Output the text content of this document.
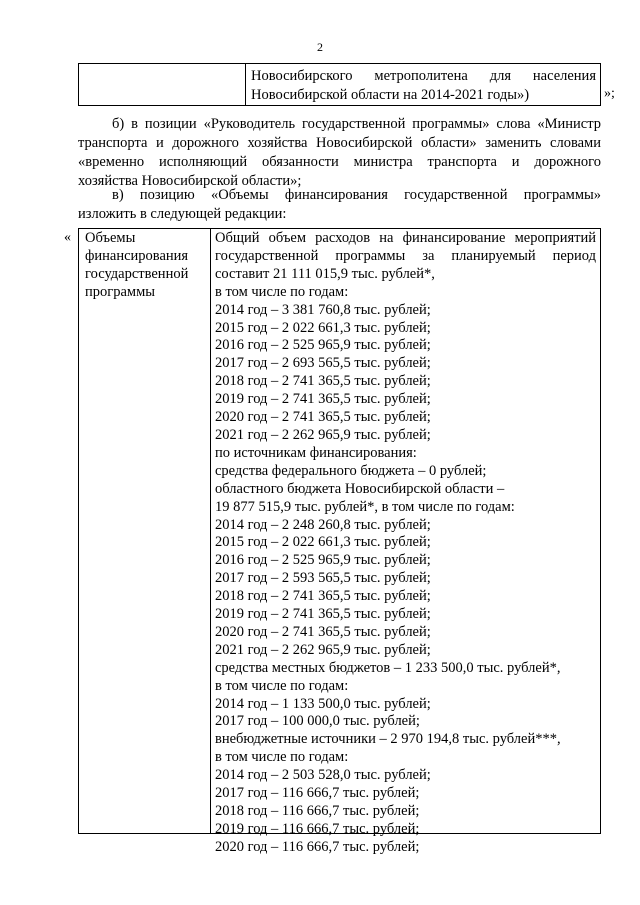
2
Новосибирского метрополитена для населения
Новосибирской области на 2014-2021 годы»)	»;
б) в позиции «Руководитель государственной программы» слова «Министр
транспорта и дорожного хозяйства Новосибирской области» заменить словами
«временно исполняющий обязанности министра транспорта и дорожного
хозяйства Новосибирской области»;
в) позицию «Объемы финансирования государственной программы»
изложить в следующей редакции:
« Объемы
финансирования
государственной
программы
Общий объем расходов на финансирование мероприятий
государственной программы за планируемый период
составит 21 111 015,9 тыс. рублей*,
в том числе по годам:
2014 год – 3 381 760,8 тыс. рублей;
2015 год – 2 022 661,3 тыс. рублей;
2016 год – 2 525 965,9 тыс. рублей;
2017 год – 2 693 565,5 тыс. рублей;
2018 год – 2 741 365,5 тыс. рублей;
2019 год – 2 741 365,5 тыс. рублей;
2020 год – 2 741 365,5 тыс. рублей;
2021 год – 2 262 965,9 тыс. рублей;
по источникам финансирования:
средства федерального бюджета – 0 рублей;
областного бюджета Новосибирской области –
19 877 515,9 тыс. рублей*, в том числе по годам:
2014 год – 2 248 260,8 тыс. рублей;
2015 год – 2 022 661,3 тыс. рублей;
2016 год – 2 525 965,9 тыс. рублей;
2017 год – 2 593 565,5 тыс. рублей;
2018 год – 2 741 365,5 тыс. рублей;
2019 год – 2 741 365,5 тыс. рублей;
2020 год – 2 741 365,5 тыс. рублей;
2021 год – 2 262 965,9 тыс. рублей;
средства местных бюджетов – 1 233 500,0 тыс. рублей*,
в том числе по годам:
2014 год – 1 133 500,0 тыс. рублей;
2017 год – 100 000,0 тыс. рублей;
внебюджетные источники – 2 970 194,8 тыс. рублей***,
в том числе по годам:
2014 год – 2 503 528,0 тыс. рублей;
2017 год – 116 666,7 тыс. рублей;
2018 год – 116 666,7 тыс. рублей;
2019 год – 116 666,7 тыс. рублей;
2020 год – 116 666,7 тыс. рублей;
